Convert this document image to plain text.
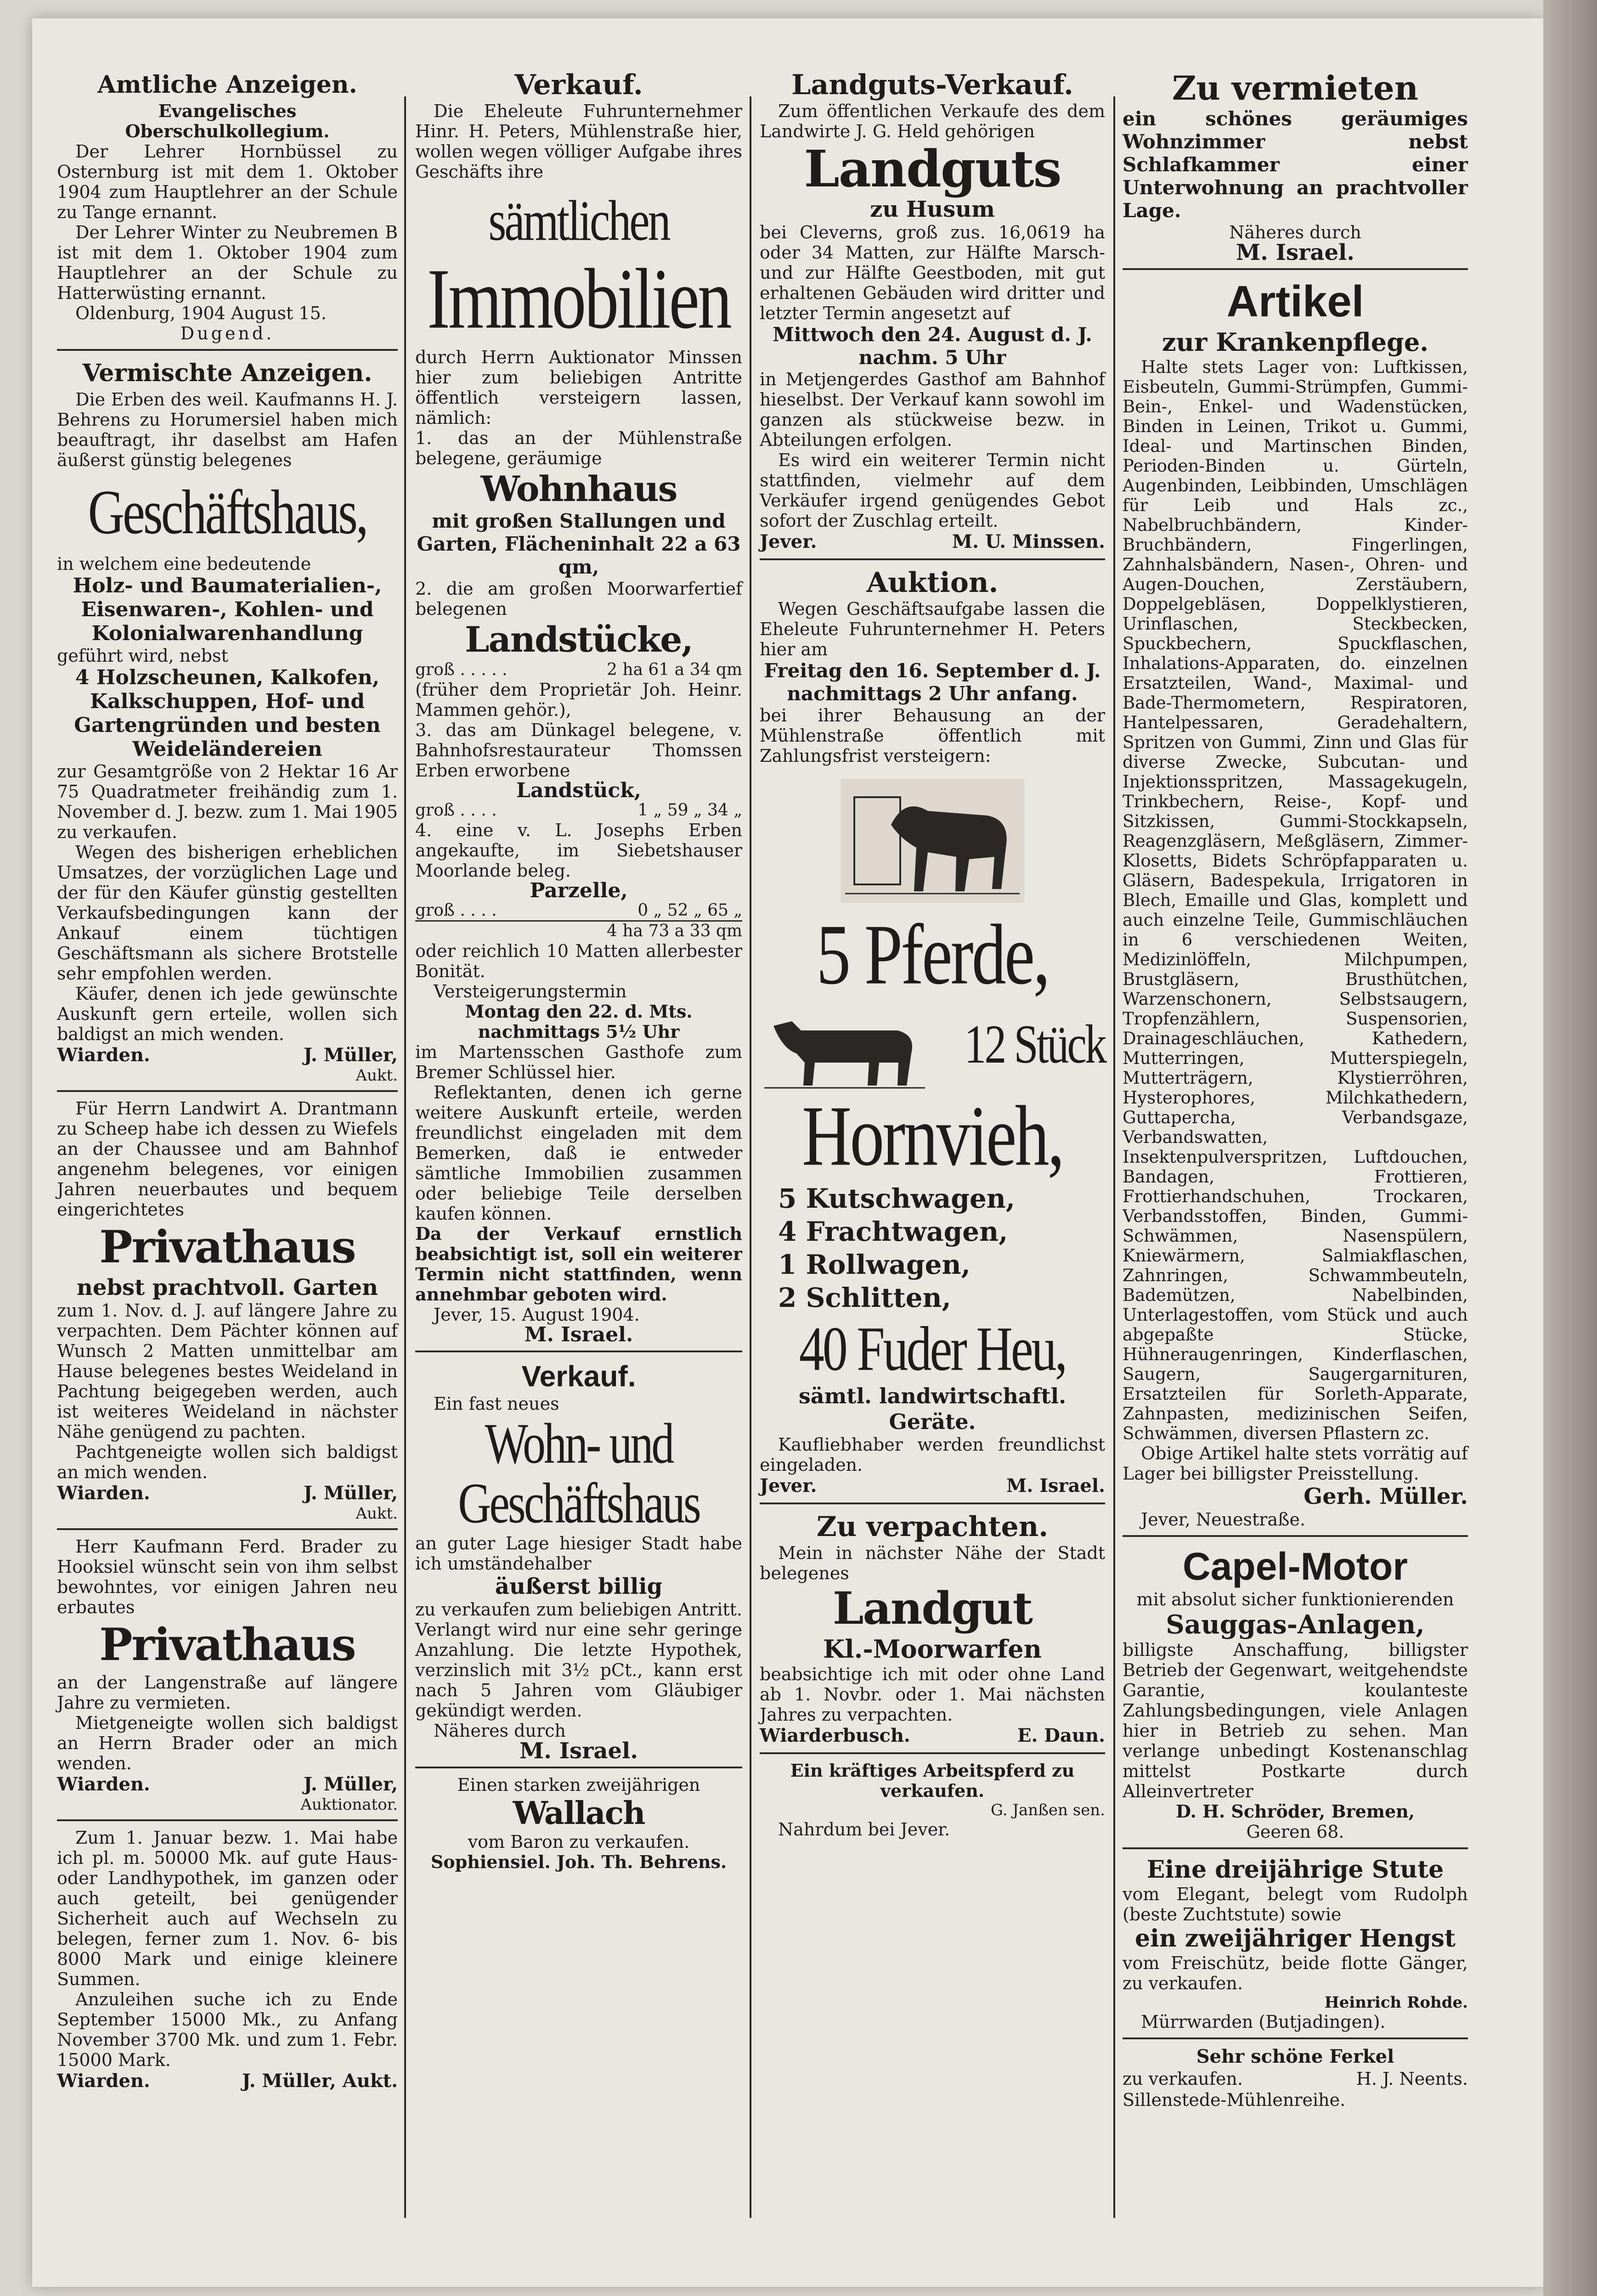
Amtliche Anzeigen.

Evangelisches Oberschulkollegium.

Der Lehrer Hornbüssel zu Osternburg ist mit dem 1. Oktober 1904 zum Hauptlehrer an der Schule zu Tange ernannt.

Der Lehrer Winter zu Neubremen B ist mit dem 1. Oktober 1904 zum Hauptlehrer an der Schule zu Hatterwüsting ernannt.

Oldenburg, 1904 August 15.

Dugend.

Vermischte Anzeigen.

Die Erben des weil. Kaufmanns H. J. Behrens zu Horumersiel haben mich beauftragt, ihr daselbst am Hafen äußerst günstig belegenes

Geschäftshaus,

in welchem eine bedeutende

Holz- und Baumaterialien-, Eisenwaren-, Kohlen- und Kolonialwarenhandlung

geführt wird, nebst

4 Holzscheunen, Kalkofen, Kalkschuppen, Hof- und Gartengründen und besten Weideländereien

zur Gesamtgröße von 2 Hektar 16 Ar 75 Quadratmeter freihändig zum 1. November d. J. bezw. zum 1. Mai 1905 zu verkaufen.

Wegen des bisherigen erheblichen Umsatzes, der vorzüglichen Lage und der für den Käufer günstig gestellten Verkaufsbedingungen kann der Ankauf einem tüchtigen Geschäftsmann als sichere Brotstelle sehr empfohlen werden.

Käufer, denen ich jede gewünschte Auskunft gern erteile, wollen sich baldigst an mich wenden.

Wiarden.	J. Müller,
Aukt.

Für Herrn Landwirt A. Drantmann zu Scheep habe ich dessen zu Wiefels an der Chaussee und am Bahnhof angenehm belegenes, vor einigen Jahren neuerbautes und bequem eingerichtetes

Privathaus
nebst prachtvoll. Garten

zum 1. Nov. d. J. auf längere Jahre zu verpachten. Dem Pächter können auf Wunsch 2 Matten unmittelbar am Hause belegenes bestes Weideland in Pachtung beigegeben werden, auch ist weiteres Weideland in nächster Nähe genügend zu pachten.

Pachtgeneigte wollen sich baldigst an mich wenden.

Wiarden.	J. Müller,
Aukt.

Herr Kaufmann Ferd. Brader zu Hooksiel wünscht sein von ihm selbst bewohntes, vor einigen Jahren neu erbautes

Privathaus

an der Langenstraße auf längere Jahre zu vermieten.

Mietgeneigte wollen sich baldigst an Herrn Brader oder an mich wenden.

Wiarden.	J. Müller,
Auktionator.

Zum 1. Januar bezw. 1. Mai habe ich pl. m. 50000 Mk. auf gute Haus- oder Landhypothek, im ganzen oder auch geteilt, bei genügender Sicherheit auch auf Wechseln zu belegen, ferner zum 1. Nov. 6- bis 8000 Mark und einige kleinere Summen.

Anzuleihen suche ich zu Ende September 15000 Mk., zu Anfang November 3700 Mk. und zum 1. Febr. 15000 Mark.

Wiarden.	J. Müller, Aukt.
Verkauf.

Die Eheleute Fuhrunternehmer Hinr. H. Peters, Mühlenstraße hier, wollen wegen völliger Aufgabe ihres Geschäfts ihre

sämtlichen
Immobilien

durch Herrn Auktionator Minssen hier zum beliebigen Antritte öffentlich versteigern lassen, nämlich:

1. das an der Mühlenstraße belegene, geräumige

Wohnhaus

mit großen Stallungen und Garten, Flächeninhalt 22 a 63 qm,

2. die am großen Moorwarfertief belegenen

Landstücke,
groß . . . . .	2 ha 61 a 34 qm

(früher dem Proprietär Joh. Heinr. Mammen gehör.),

3. das am Dünkagel belegene, v. Bahnhofsrestaurateur Thomssen Erben erworbene

Landstück,

groß . . . .	1 „ 59 „ 34 „

4. eine v. L. Josephs Erben angekaufte, im Siebetshauser Moorlande beleg.

Parzelle,

groß . . . .	0 „ 52 „ 65 „
4 ha 73 a 33 qm

oder reichlich 10 Matten allerbester Bonität.

Versteigerungstermin

Montag den 22. d. Mts. nachmittags 5½ Uhr

im Martensschen Gasthofe zum Bremer Schlüssel hier.

Reflektanten, denen ich gerne weitere Auskunft erteile, werden freundlichst eingeladen mit dem Bemerken, daß ie entweder sämtliche Immobilien zusammen oder beliebige Teile derselben kaufen können.

Da der Verkauf ernstlich beabsichtigt ist, soll ein weiterer Termin nicht stattfinden, wenn annehmbar geboten wird.

Jever, 15. August 1904.

M. Israel.

Verkauf.

Ein fast neues

Wohn- und
Geschäftshaus

an guter Lage hiesiger Stadt habe ich umständehalber

äußerst billig

zu verkaufen zum beliebigen Antritt. Verlangt wird nur eine sehr geringe Anzahlung. Die letzte Hypothek, verzinslich mit 3½ pCt., kann erst nach 5 Jahren vom Gläubiger gekündigt werden.

Näheres durch

M. Israel.

Einen starken zweijährigen

Wallach

vom Baron zu verkaufen.

Sophiensiel. Joh. Th. Behrens.

Landguts-Verkauf.

Zum öffentlichen Verkaufe des dem Landwirte J. G. Held gehörigen

Landguts
zu Husum

bei Cleverns, groß zus. 16,0619 ha oder 34 Matten, zur Hälfte Marsch- und zur Hälfte Geestboden, mit gut erhaltenen Gebäuden wird dritter und letzter Termin angesetzt auf

Mittwoch den 24. August d. J. nachm. 5 Uhr

in Metjengerdes Gasthof am Bahnhof hieselbst. Der Verkauf kann sowohl im ganzen als stückweise bezw. in Abteilungen erfolgen.

Es wird ein weiterer Termin nicht stattfinden, vielmehr auf dem Verkäufer irgend genügendes Gebot sofort der Zuschlag erteilt.

Jever.	M. U. Minssen.
Auktion.

Wegen Geschäftsaufgabe lassen die Eheleute Fuhrunternehmer H. Peters hier am

Freitag den 16. September d. J. nachmittags 2 Uhr anfang.

bei ihrer Behausung an der Mühlenstraße öffentlich mit Zahlungsfrist versteigern:

5 Pferde,
12 Stück
Hornvieh,

5 Kutschwagen,

4 Frachtwagen,

1 Rollwagen,

2 Schlitten,

40 Fuder Heu,
sämtl. landwirtschaftl. Geräte.

Kaufliebhaber werden freundlichst eingeladen.

Jever.	M. Israel.
Zu verpachten.

Mein in nächster Nähe der Stadt belegenes

Landgut
Kl.-Moorwarfen

beabsichtige ich mit oder ohne Land ab 1. Novbr. oder 1. Mai nächsten Jahres zu verpachten.

Wiarderbusch.	E. Daun.

Ein kräftiges Arbeitspferd zu verkaufen.

G. Janßen sen.

Nahrdum bei Jever.

Zu vermieten

ein schönes geräumiges Wohnzimmer nebst Schlafkammer einer Unterwohnung an prachtvoller Lage.

Näheres durch

M. Israel.

Artikel
zur Krankenpflege.

Halte stets Lager von: Luftkissen, Eisbeuteln, Gummi-Strümpfen, Gummi-Bein-, Enkel- und Wadenstücken, Binden in Leinen, Trikot u. Gummi, Ideal- und Martinschen Binden, Perioden-Binden u. Gürteln, Augenbinden, Leibbinden, Umschlägen für Leib und Hals zc., Nabelbruchbändern, Kinder-Bruchbändern, Fingerlingen, Zahnhalsbändern, Nasen-, Ohren- und Augen-Douchen, Zerstäubern, Doppelgebläsen, Doppelklystieren, Urinflaschen, Steckbecken, Spuckbechern, Spuckflaschen, Inhalations-Apparaten, do. einzelnen Ersatzteilen, Wand-, Maximal- und Bade-Thermometern, Respiratoren, Hantelpessaren, Geradehaltern, Spritzen von Gummi, Zinn und Glas für diverse Zwecke, Subcutan- und Injektionsspritzen, Massagekugeln, Trinkbechern, Reise-, Kopf- und Sitzkissen, Gummi-Stockkapseln, Reagenzgläsern, Meßgläsern, Zimmer-Klosetts, Bidets Schröpfapparaten u. Gläsern, Badespekula, Irrigatoren in Blech, Emaille und Glas, komplett und auch einzelne Teile, Gummischläuchen in 6 verschiedenen Weiten, Medizinlöffeln, Milchpumpen, Brustgläsern, Brusthütchen, Warzenschonern, Selbstsaugern, Tropfenzählern, Suspensorien, Drainageschläuchen, Kathedern, Mutterringen, Mutterspiegeln, Mutterträgern, Klystierröhren, Hysterophores, Milchkathedern, Guttapercha, Verbandsgaze, Verbandswatten, Insektenpulverspritzen, Luftdouchen, Bandagen, Frottieren, Frottierhandschuhen, Trockaren, Verbandsstoffen, Binden, Gummi-Schwämmen, Nasenspülern, Kniewärmern, Salmiakflaschen, Zahnringen, Schwammbeuteln, Bademützen, Nabelbinden, Unterlagestoffen, vom Stück und auch abgepaßte Stücke, Hühneraugenringen, Kinderflaschen, Saugern, Saugergarnituren, Ersatzteilen für Sorleth-Apparate, Zahnpasten, medizinischen Seifen, Schwämmen, diversen Pflastern zc.

Obige Artikel halte stets vorrätig auf Lager bei billigster Preisstellung.

Gerh. Müller.

Jever, Neuestraße.

Capel-Motor

mit absolut sicher funktionierenden

Sauggas-Anlagen,

billigste Anschaffung, billigster Betrieb der Gegenwart, weitgehendste Garantie, koulanteste Zahlungsbedingungen, viele Anlagen hier in Betrieb zu sehen. Man verlange unbedingt Kostenanschlag mittelst Postkarte durch Alleinvertreter

D. H. Schröder, Bremen,

Geeren 68.

Eine dreijährige Stute

vom Elegant, belegt vom Rudolph (beste Zuchtstute) sowie

ein zweijähriger Hengst

vom Freischütz, beide flotte Gänger, zu verkaufen.

Heinrich Rohde.

Mürrwarden (Butjadingen).

Sehr schöne Ferkel
zu verkaufen.	H. J. Neents.

Sillenstede-Mühlenreihe.
